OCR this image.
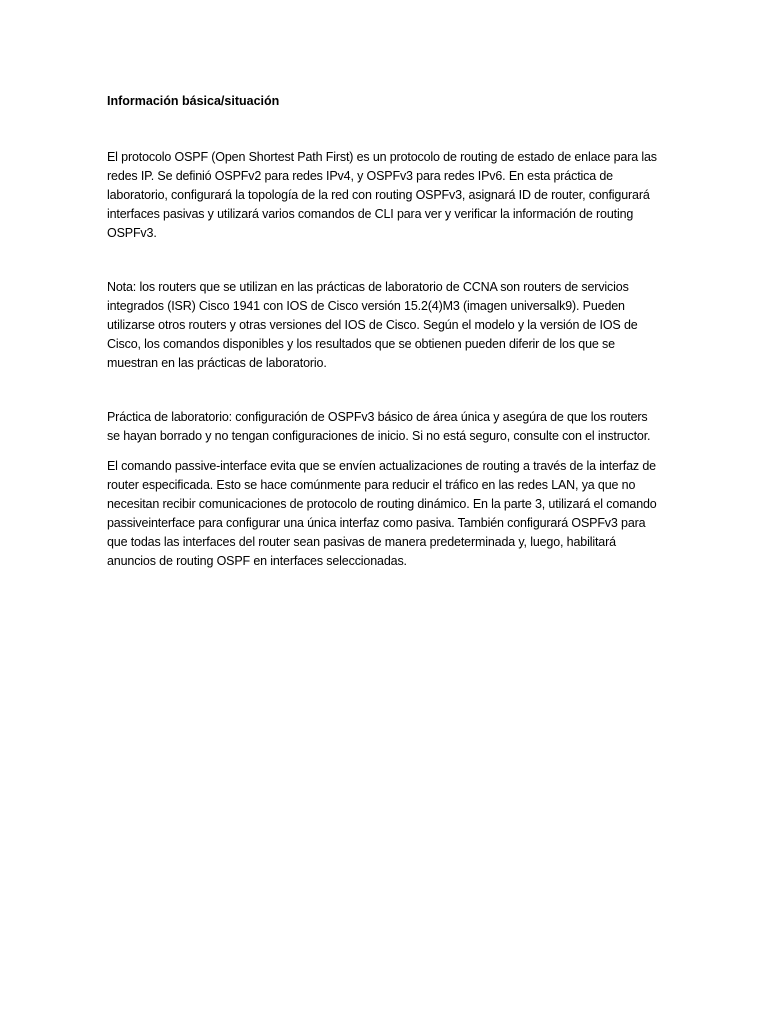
Información básica/situación

El protocolo OSPF (Open Shortest Path First) es un protocolo de routing de estado de enlace para las redes IP. Se definió OSPFv2 para redes IPv4, y OSPFv3 para redes IPv6. En esta práctica de laboratorio, configurará la topología de la red con routing OSPFv3, asignará ID de router, configurará interfaces pasivas y utilizará varios comandos de CLI para ver y verificar la información de routing OSPFv3.

Nota: los routers que se utilizan en las prácticas de laboratorio de CCNA son routers de servicios integrados (ISR) Cisco 1941 con IOS de Cisco versión 15.2(4)M3 (imagen universalk9). Pueden utilizarse otros routers y otras versiones del IOS de Cisco. Según el modelo y la versión de IOS de Cisco, los comandos disponibles y los resultados que se obtienen pueden diferir de los que se muestran en las prácticas de laboratorio.

Práctica de laboratorio: configuración de OSPFv3 básico de área única y asegúra de que los routers se hayan borrado y no tengan configuraciones de inicio. Si no está seguro, consulte con el instructor.

El comando passive-interface evita que se envíen actualizaciones de routing a través de la interfaz de router especificada. Esto se hace comúnmente para reducir el tráfico en las redes LAN, ya que no necesitan recibir comunicaciones de protocolo de routing dinámico. En la parte 3, utilizará el comando passiveinterface para configurar una única interfaz como pasiva. También configurará OSPFv3 para que todas las interfaces del router sean pasivas de manera predeterminada y, luego, habilitará anuncios de routing OSPF en interfaces seleccionadas.
